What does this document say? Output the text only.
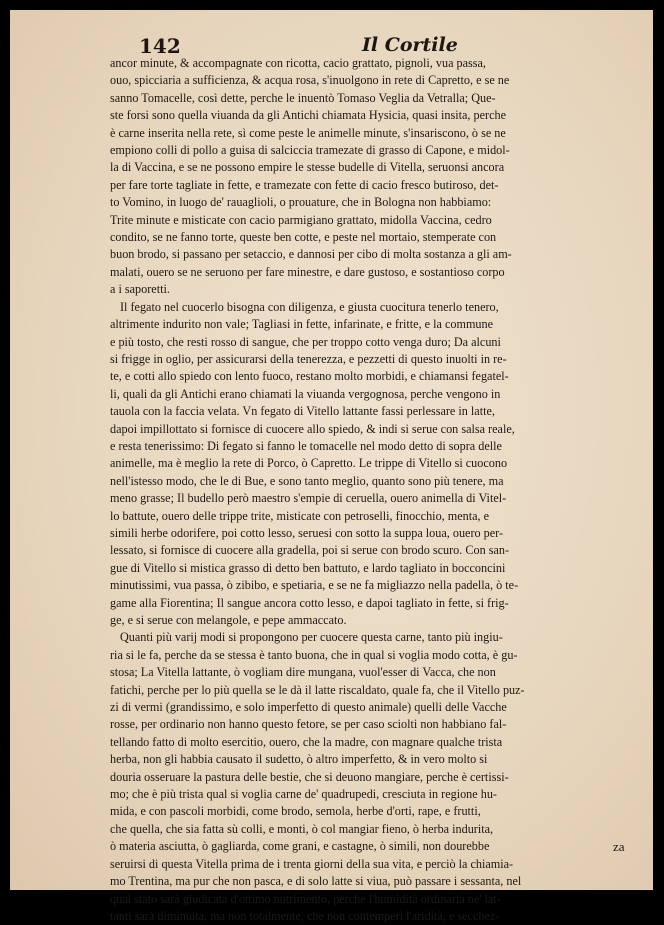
142	Il Cortile
ancor minute, & accompagnate con ricotta, cacio grattato, pignoli, vua passa,
ouo, spicciaria a sufficienza, & acqua rosa, s'inuolgono in rete di Capretto, e se ne
sanno Tomacelle, così dette, perche le inuentò Tomaso Veglia da Vetralla; Que-
ste forsi sono quella viuanda da gli Antichi chiamata Hysicia, quasi insita, perche
è carne inserita nella rete, sì come peste le animelle minute, s'insariscono, ò se ne
empiono colli di pollo a guisa di salciccia tramezate di grasso di Capone, e midol-
la di Vaccina, e se ne possono empire le stesse budelle di Vitella, seruonsi ancora
per fare torte tagliate in fette, e tramezate con fette di cacio fresco butiroso, det-
to Vomino, in luogo de' rauaglioli, o prouature, che in Bologna non habbiamo:
Trite minute e misticate con cacio parmigiano grattato, midolla Vaccina, cedro
condito, se ne fanno torte, queste ben cotte, e peste nel mortaio, stemperate con
buon brodo, si passano per setaccio, e dannosi per cibo di molta sostanza a gli am-
malati, ouero se ne seruono per fare minestre, e dare gustoso, e sostantioso corpo
a i saporetti.
Il fegato nel cuocerlo bisogna con diligenza, e giusta cuocitura tenerlo tenero,
altrimente indurito non vale; Tagliasi in fette, infarinate, e fritte, e la commune
e più tosto, che resti rosso di sangue, che per troppo cotto venga duro; Da alcuni
si frigge in oglio, per assicurarsi della tenerezza, e pezzetti di questo inuolti in re-
te, e cotti allo spiedo con lento fuoco, restano molto morbidi, e chiamansi fegatel-
li, quali da gli Antichi erano chiamati la viuanda vergognosa, perche vengono in
tauola con la faccia velata. Vn fegato di Vitello lattante fassi perlessare in latte,
dapoi impillottato si fornisce di cuocere allo spiedo, & indi si serue con salsa reale,
e resta tenerissimo: Di fegato si fanno le tomacelle nel modo detto di sopra delle
animelle, ma è meglio la rete di Porco, ò Capretto. Le trippe di Vitello si cuocono
nell'istesso modo, che le di Bue, e sono tanto meglio, quanto sono più tenere, ma
meno grasse; Il budello però maestro s'empie di ceruella, ouero animella di Vitel-
lo battute, ouero delle trippe trite, misticate con petroselli, finocchio, menta, e
simili herbe odorifere, poi cotto lesso, seruesi con sotto la suppa loua, ouero per-
lessato, si fornisce di cuocere alla gradella, poi si serue con brodo scuro. Con san-
gue di Vitello si mistica grasso di detto ben battuto, e lardo tagliato in bocconcini
minutissimi, vua passa, ò zibibo, e spetiaria, e se ne fa migliazzo nella padella, ò te-
game alla Fiorentina; Il sangue ancora cotto lesso, e dapoi tagliato in fette, si frig-
ge, e si serue con melangole, e pepe ammaccato.
Quanti più varij modi si propongono per cuocere questa carne, tanto più ingiu-
ria si le fa, perche da se stessa è tanto buona, che in qual si voglia modo cotta, è gu-
stosa; La Vitella lattante, ò vogliam dire mungana, vuol'esser di Vacca, che non
fatichi, perche per lo più quella se le dà il latte riscaldato, quale fa, che il Vitello puz-
zi di vermi (grandissimo, e solo imperfetto di questo animale) quelli delle Vacche
rosse, per ordinario non hanno questo fetore, se per caso sciolti non habbiano fal-
tellando fatto di molto esercitio, ouero, che la madre, con magnare qualche trista
herba, non gli habbia causato il sudetto, ò altro imperfetto, & in vero molto si
douria osseruare la pastura delle bestie, che si deuono mangiare, perche è certissi-
mo; che è più trista qual si voglia carne de' quadrupedi, cresciuta in regione hu-
mida, e con pascoli morbidi, come brodo, semola, herbe d'orti, rape, e frutti,
che quella, che sia fatta sù colli, e monti, ò col mangiar fieno, ò herba indurita,
ò materia asciutta, ò gagliarda, come grani, e castagne, ò simili, non dourebbe
seruirsi di questa Vitella prima de i trenta giorni della sua vita, e perciò la chiamia-
mo Trentina, ma pur che non pasca, e di solo latte si viua, può passare i sessanta, nel
qual stato sarà giudicata d'ottimo nutrimento, perche l'humidità ordinaria ne' lat-
tanti sarà diminuita, ma non totalmente, che non contemperi l'aridità, e secchez-
za
